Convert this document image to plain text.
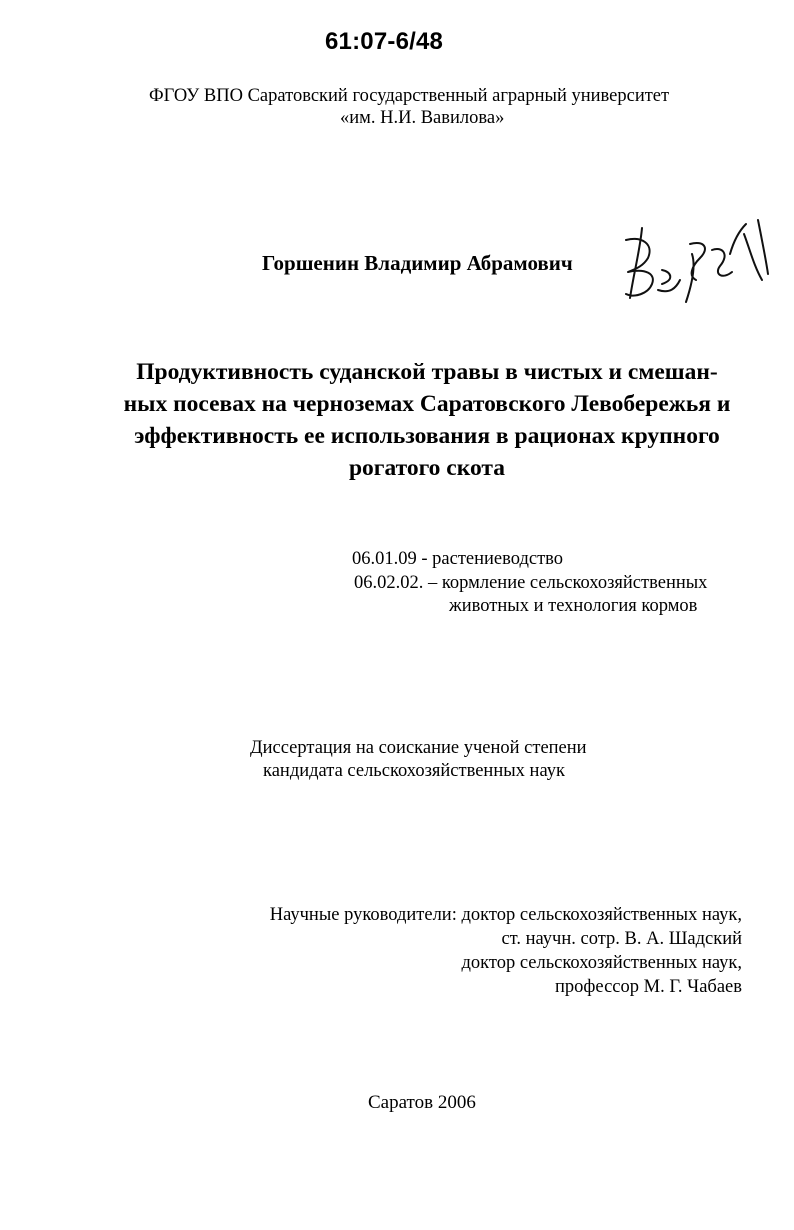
61:07-6/48
ФГОУ ВПО Саратовский государственный аграрный университет
«им. Н.И. Вавилова»
Горшенин Владимир Абрамович
Продуктивность суданской травы в чистых и смешан-
ных посевах на черноземах Саратовского Левобережья и
эффективность ее использования в рационах крупного
рогатого скота
06.01.09 - растениеводство
06.02.02. – кормление сельскохозяйственных
животных и технология кормов
Диссертация на соискание ученой степени
кандидата сельскохозяйственных наук
Научные руководители: доктор сельскохозяйственных наук,
ст. научн. сотр. В. А. Шадский
доктор сельскохозяйственных наук,
профессор М. Г. Чабаев
Саратов 2006
